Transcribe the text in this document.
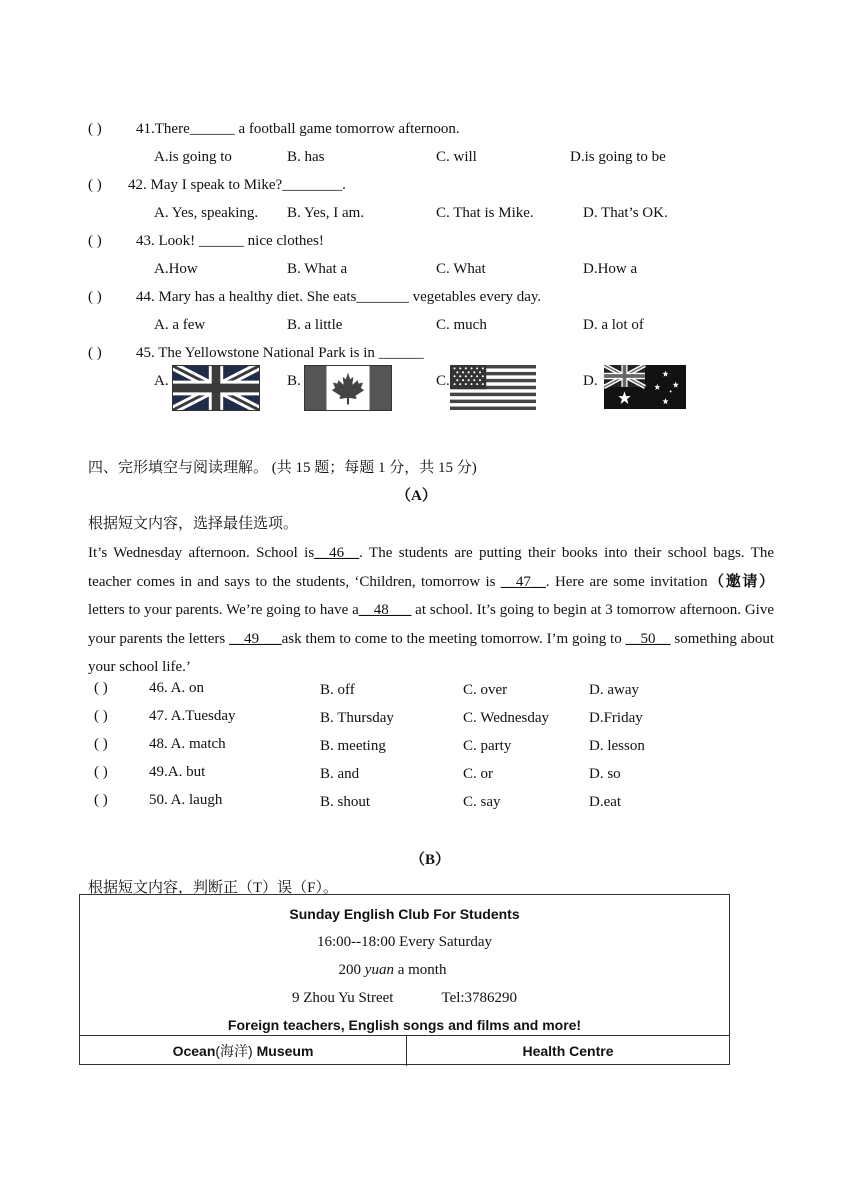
( ) 41.There______ a football game tomorrow afternoon.
A.is going to	B. has	C. will	D.is going to be
( ) 42. May I speak to Mike?________.
A. Yes, speaking. B. Yes, I am.	C. That is Mike.	D. That’s OK.
( ) 43. Look! ______ nice clothes!
A.How	B. What a	C. What	D.How a
( ) 44. Mary has a healthy diet. She eats_______ vegetables every day.
A. a few	B. a little	C. much	D. a lot of
( ) 45. The Yellowstone National Park is in ______
A.	B.	C.	D.
四、完形填空与阅读理解。 (共 15 题；每题 1 分，共 15 分)
（A）
根据短文内容，选择最佳选项。
It’s Wednesday afternoon. School is__46__. The students are putting their books into their school bags. The teacher comes in and says to the students, ‘Children, tomorrow is __47__. Here are some invitation（邀请） letters to your parents. We’re going to have a__48___ at school. It’s going to begin at 3 tomorrow afternoon. Give your parents the letters __49___ask them to come to the meeting tomorrow. I’m going to __50__ something about your school life.’
( )	46. A. on	B. off	C. over	D. away
( )	47. A.Tuesday	B. Thursday	C. Wednesday	D.Friday
( )	48. A. match	B. meeting	C. party	D. lesson
( )	49.A. but	B. and	C. or	D. so
( )	50. A. laugh	B. shout	C. say	D.eat
（B）
根据短文内容，判断正（T）误（F）。
Sunday English Club For Students
16:00--18:00 Every Saturday
200 yuan a month
9 Zhou Yu Street	Tel:3786290
Foreign teachers, English songs and films and more!
Ocean(海洋) Museum	Health Centre
